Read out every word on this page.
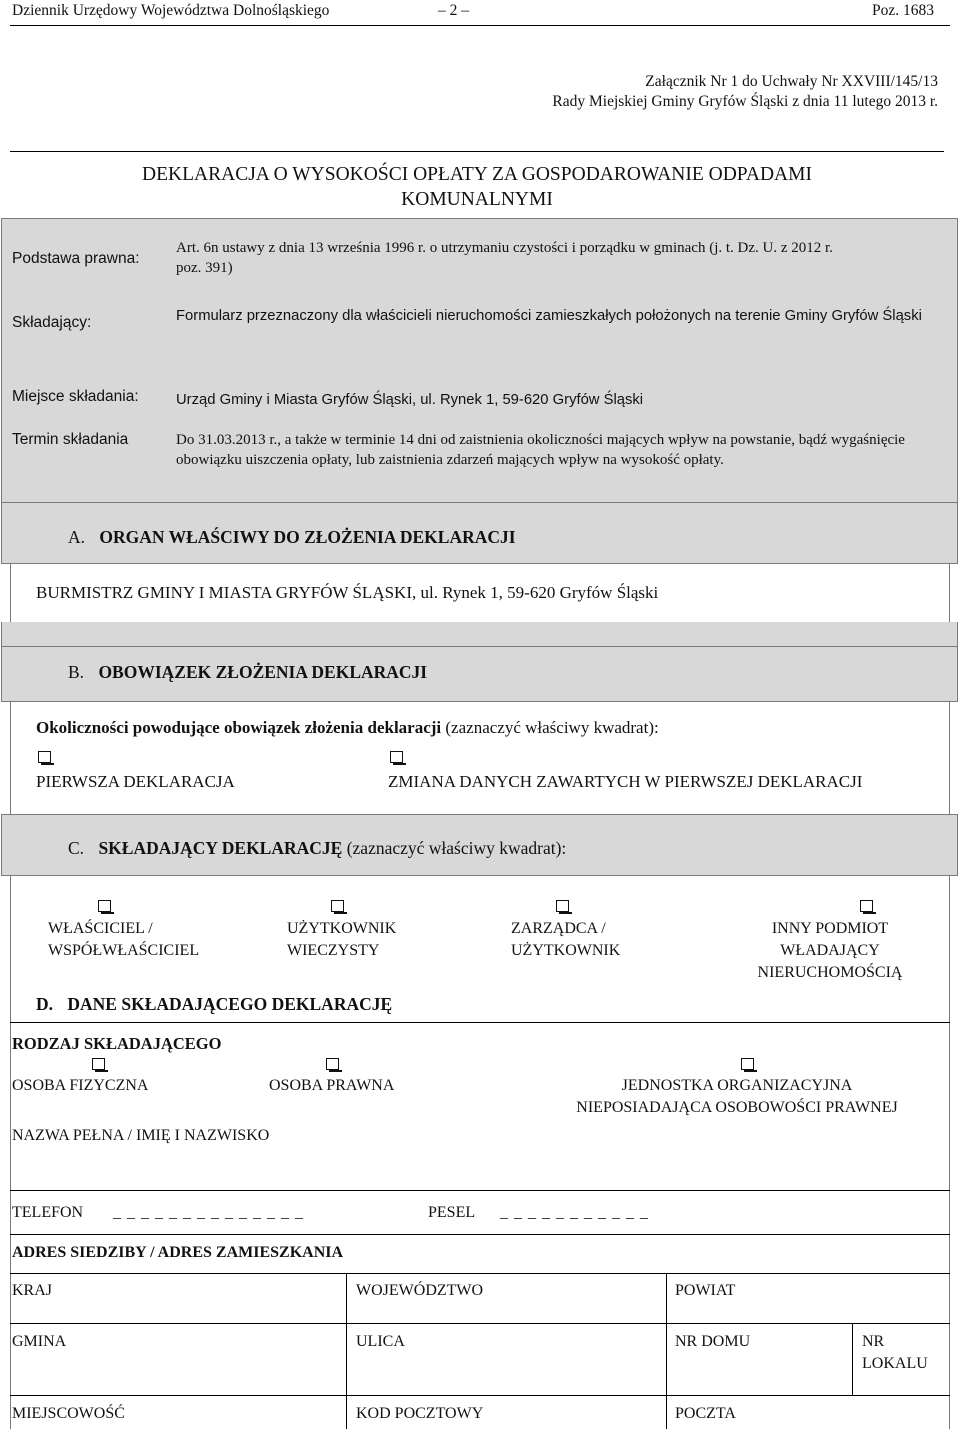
Dziennik Urzędowy Województwa Dolnośląskiego	– 2 –	Poz. 1683
Załącznik Nr 1 do Uchwały Nr XXVIII/145/13
Rady Miejskiej Gminy Gryfów Śląski z dnia 11 lutego 2013 r.
DEKLARACJA O WYSOKOŚCI OPŁATY ZA GOSPODAROWANIE ODPADAMI
KOMUNALNYMI
Podstawa prawna:
Art. 6n ustawy z dnia 13 września 1996 r. o utrzymaniu czystości i porządku w gminach (j. t. Dz. U. z 2012 r.
poz. 391)
Składający:	Formularz przeznaczony dla właścicieli nieruchomości zamieszkałych położonych na terenie Gminy Gryfów Śląski
Miejsce składania:	Urząd Gminy i Miasta Gryfów Śląski, ul. Rynek 1, 59-620 Gryfów Śląski
Termin składania	Do 31.03.2013 r., a także w terminie 14 dni od zaistnienia okoliczności mających wpływ na powstanie, bądź wygaśnięcie obowiązku uiszczenia opłaty, lub zaistnienia zdarzeń mających wpływ na wysokość opłaty.
A. ORGAN WŁAŚCIWY DO ZŁOŻENIA DEKLARACJI
BURMISTRZ GMINY I MIASTA GRYFÓW ŚLĄSKI, ul. Rynek 1, 59-620 Gryfów Śląski
B. OBOWIĄZEK ZŁOŻENIA DEKLARACJI
Okoliczności powodujące obowiązek złożenia deklaracji (zaznaczyć właściwy kwadrat):
PIERWSZA DEKLARACJA	ZMIANA DANYCH ZAWARTYCH W PIERWSZEJ DEKLARACJI
C. SKŁADAJĄCY DEKLARACJĘ (zaznaczyć właściwy kwadrat):
WŁAŚCICIEL /
WSPÓŁWŁAŚCICIEL
UŻYTKOWNIK
WIECZYSTY
ZARZĄDCA /
UŻYTKOWNIK
INNY PODMIOT
WŁADAJĄCY
NIERUCHOMOŚCIĄ
D. DANE SKŁADAJĄCEGO DEKLARACJĘ
RODZAJ SKŁADAJĄCEGO
OSOBA FIZYCZNA	OSOBA PRAWNA	JEDNOSTKA ORGANIZACYJNA
NIEPOSIADAJĄCA OSOBOWOŚCI PRAWNEJ
NAZWA PEŁNA / IMIĘ I NAZWISKO
TELEFON _ _ _ _ _ _ _ _ _ _ _ _ _ _	PESEL _ _ _ _ _ _ _ _ _ _ _
ADRES SIEDZIBY / ADRES ZAMIESZKANIA
KRAJ	WOJEWÓDZTWO	POWIAT
GMINA	ULICA	NR DOMU	NR
LOKALU
MIEJSCOWOŚĆ	KOD POCZTOWY	POCZTA
